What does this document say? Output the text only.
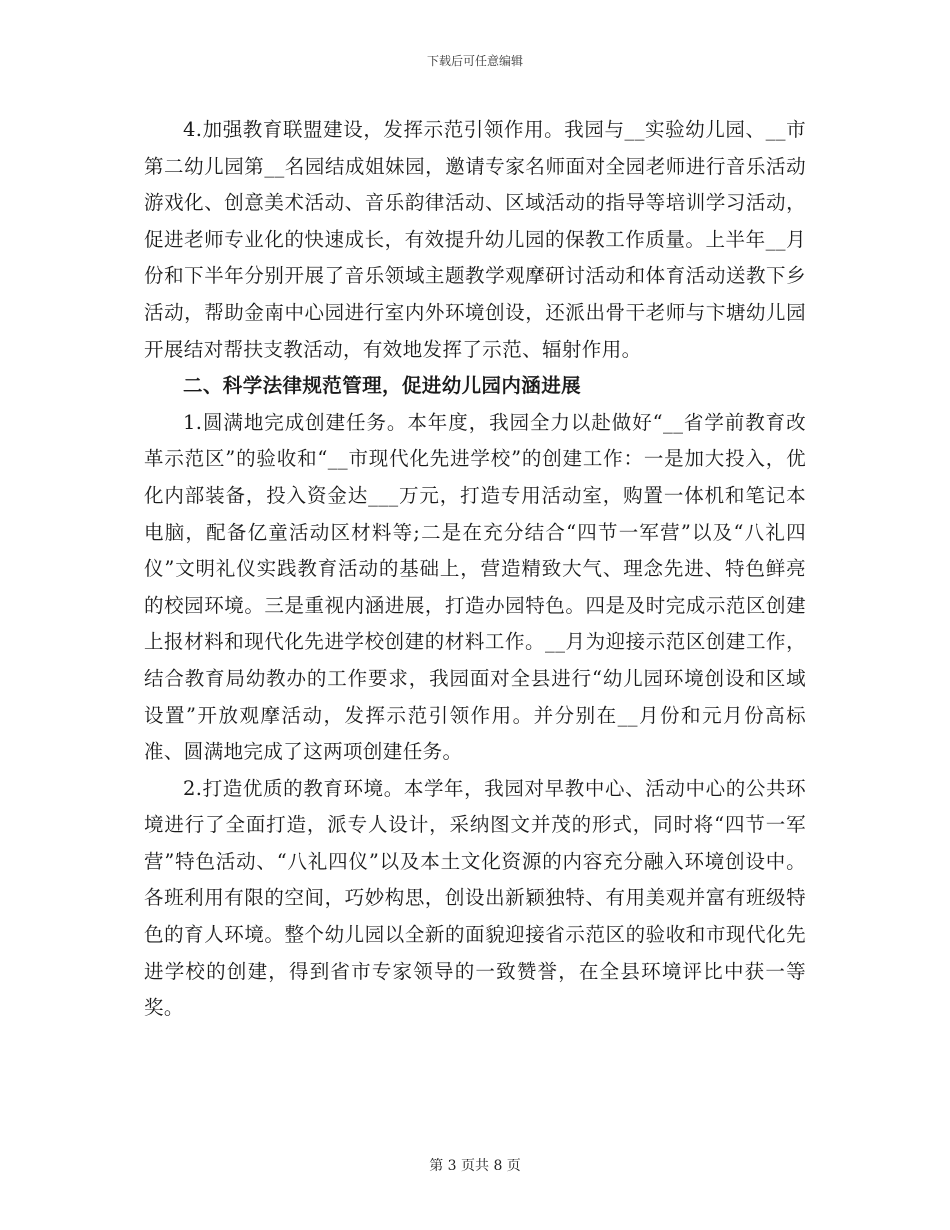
下载后可任意编辑

4.加强教育联盟建设，发挥示范引领作用。我园与__实验幼儿园、__市第二幼儿园第__名园结成姐妹园，邀请专家名师面对全园老师进行音乐活动游戏化、创意美术活动、音乐韵律活动、区域活动的指导等培训学习活动，促进老师专业化的快速成长，有效提升幼儿园的保教工作质量。上半年__月份和下半年分别开展了音乐领域主题教学观摩研讨活动和体育活动送教下乡活动，帮助金南中心园进行室内外环境创设，还派出骨干老师与卞塘幼儿园开展结对帮扶支教活动，有效地发挥了示范、辐射作用。

二、科学法律规范管理，促进幼儿园内涵进展

1.圆满地完成创建任务。本年度，我园全力以赴做好“__省学前教育改革示范区”的验收和“__市现代化先进学校”的创建工作：一是加大投入，优化内部装备，投入资金达___万元，打造专用活动室，购置一体机和笔记本电脑，配备亿童活动区材料等;二是在充分结合“四节一军营”以及“八礼四仪”文明礼仪实践教育活动的基础上，营造精致大气、理念先进、特色鲜亮的校园环境。三是重视内涵进展，打造办园特色。四是及时完成示范区创建上报材料和现代化先进学校创建的材料工作。__月为迎接示范区创建工作，结合教育局幼教办的工作要求，我园面对全县进行“幼儿园环境创设和区域设置”开放观摩活动，发挥示范引领作用。并分别在__月份和元月份高标准、圆满地完成了这两项创建任务。

2.打造优质的教育环境。本学年，我园对早教中心、活动中心的公共环境进行了全面打造，派专人设计，采纳图文并茂的形式，同时将“四节一军营”特色活动、“八礼四仪”以及本土文化资源的内容充分融入环境创设中。各班利用有限的空间，巧妙构思，创设出新颖独特、有用美观并富有班级特色的育人环境。整个幼儿园以全新的面貌迎接省示范区的验收和市现代化先进学校的创建，得到省市专家领导的一致赞誉，在全县环境评比中获一等奖。

第 3 页共 8 页
